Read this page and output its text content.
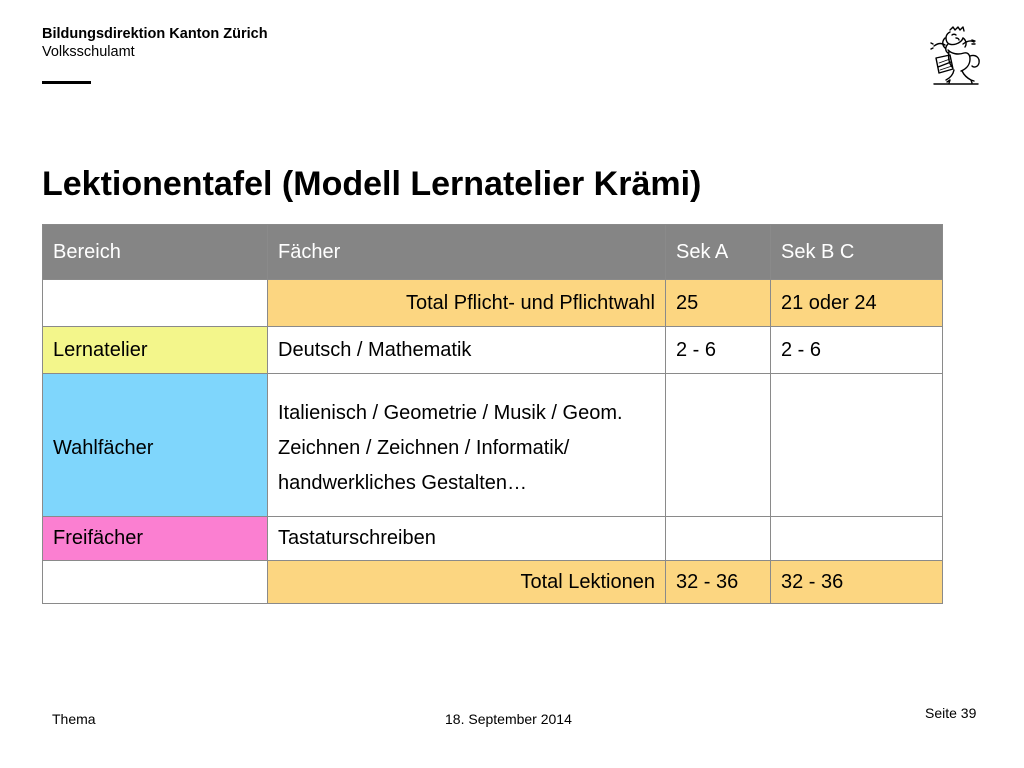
Bildungsdirektion Kanton Zürich
Volksschulamt
Lektionentafel (Modell Lernatelier Krämi)
Bereich	Fächer	Sek A	Sek B C
	Total Pflicht- und Pflichtwahl	25	21 oder 24
Lernatelier	Deutsch / Mathematik	2 - 6	2 - 6

Wahlfächer	Italienisch / Geometrie / Musik / Geom. Zeichnen / Zeichnen / Informatik/ handwerkliches Gestalten…		

Freifächer	Tastaturschreiben		
	Total Lektionen	32 - 36	32 - 36
Thema	18. September 2014	Seite 39
